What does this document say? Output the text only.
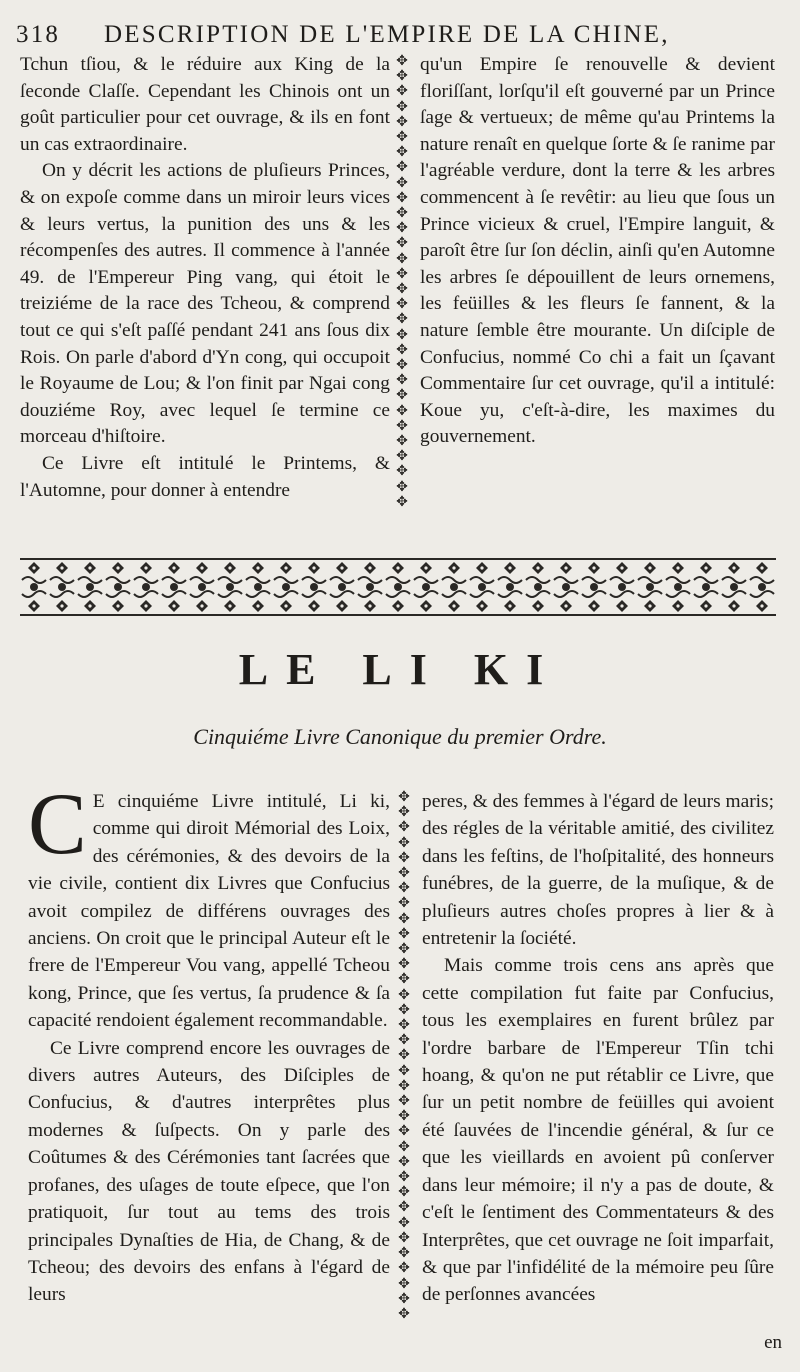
318 DESCRIPTION DE L'EMPIRE DE LA CHINE,

Tchun tſiou, & le réduire aux King de la ſeconde Claſſe. Cependant les Chinois ont un goût particulier pour cet ouvrage, & ils en font un cas extraordinaire.

On y décrit les actions de pluſieurs Princes, & on expoſe comme dans un miroir leurs vices & leurs vertus, la punition des uns & les récompenſes des autres. Il commence à l'année 49. de l'Empereur Ping vang, qui étoit le treiziéme de la race des Tcheou, & comprend tout ce qui s'eſt paſſé pendant 241 ans ſous dix Rois. On parle d'abord d'Yn cong, qui occupoit le Royaume de Lou; & l'on finit par Ngai cong douziéme Roy, avec lequel ſe termine ce morceau d'hiſtoire.

Ce Livre eſt intitulé le Printems, & l'Automne, pour donner à entendre

✥
✥
✥
✥
✥
✥
✥
✥
✥
✥
✥
✥
✥
✥
✥
✥
✥
✥
✥
✥
✥
✥
✥
✥
✥
✥
✥
✥
✥
✥

qu'un Empire ſe renouvelle & devient floriſſant, lorſqu'il eſt gouverné par un Prince ſage & vertueux; de même qu'au Printems la nature renaît en quelque ſorte & ſe ranime par l'agréable verdure, dont la terre & les arbres commencent à ſe revêtir: au lieu que ſous un Prince vicieux & cruel, l'Empire languit, & paroît être ſur ſon déclin, ainſi qu'en Automne les arbres ſe dépouillent de leurs ornemens, les feüilles & les fleurs ſe fannent, & la nature ſemble être mourante. Un diſciple de Confucius, nommé Co chi a fait un ſçavant Commentaire ſur cet ouvrage, qu'il a intitulé: Koue yu, c'eſt-à-dire, les maximes du gouvernement.

LE LI KI
Cinquiéme Livre Canonique du premier Ordre.

C E cinquiéme Livre intitulé, Li ki, comme qui diroit Mémorial des Loix, des cérémonies, & des devoirs de la vie civile, contient dix Livres que Confucius avoit compilez de différens ouvrages des anciens. On croit que le principal Auteur eſt le frere de l'Empereur Vou vang, appellé Tcheou kong, Prince, que ſes vertus, ſa prudence & ſa capacité rendoient également recommandable.

Ce Livre comprend encore les ouvrages de divers autres Auteurs, des Diſciples de Confucius, & d'autres interprêtes plus modernes & ſuſpects. On y parle des Coûtumes & des Cérémonies tant ſacrées que profanes, des uſages de toute eſpece, que l'on pratiquoit, ſur tout au tems des trois principales Dynaſties de Hia, de Chang, & de Tcheou; des devoirs des enfans à l'égard de leurs

✥
✥
✥
✥
✥
✥
✥
✥
✥
✥
✥
✥
✥
✥
✥
✥
✥
✥
✥
✥
✥
✥
✥
✥
✥
✥
✥
✥
✥
✥
✥
✥
✥
✥
✥

peres, & des femmes à l'égard de leurs maris; des régles de la véritable amitié, des civilitez dans les feſtins, de l'hoſpitalité, des honneurs funébres, de la guerre, de la muſique, & de pluſieurs autres choſes propres à lier & à entretenir la ſociété.

Mais comme trois cens ans après que cette compilation fut faite par Confucius, tous les exemplaires en furent brûlez par l'ordre barbare de l'Empereur Tſin tchi hoang, & qu'on ne put rétablir ce Livre, que ſur un petit nombre de feüilles qui avoient été ſauvées de l'incendie général, & ſur ce que les vieillards en avoient pû conſerver dans leur mémoire; il n'y a pas de doute, & c'eſt le ſentiment des Commentateurs & des Interprêtes, que cet ouvrage ne ſoit imparfait, & que par l'infidélité de la mémoire peu ſûre de perſonnes avancées

en
